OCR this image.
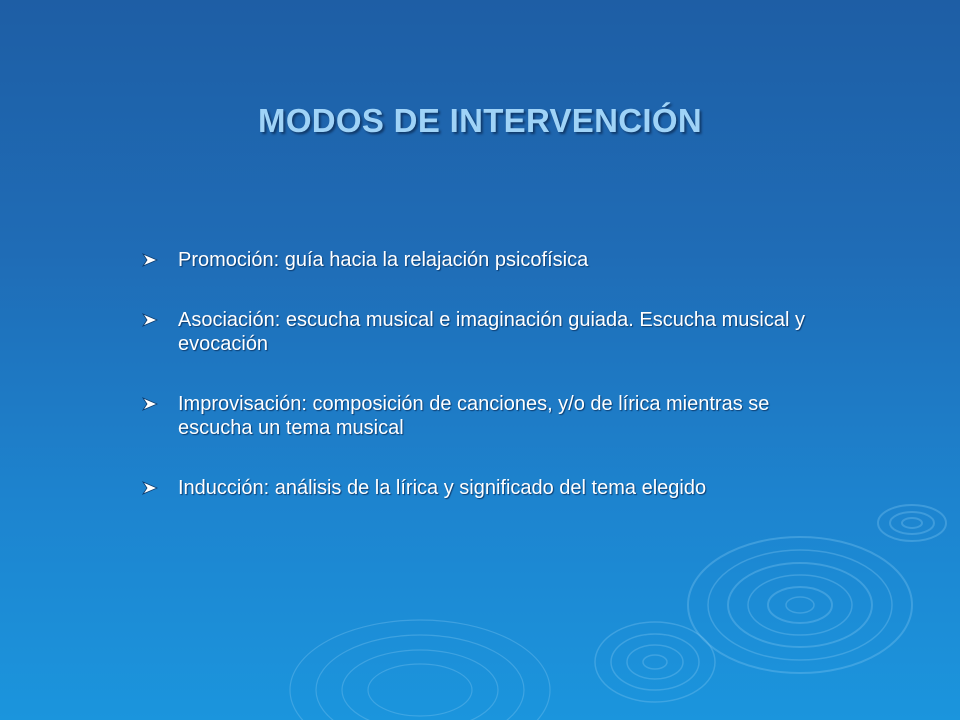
MODOS DE INTERVENCIÓN
Promoción: guía hacia la relajación psicofísica
Asociación: escucha musical e imaginación guiada. Escucha musical y evocación
Improvisación: composición de canciones, y/o de lírica mientras se escucha un tema musical
Inducción: análisis de la lírica y significado del tema elegido
